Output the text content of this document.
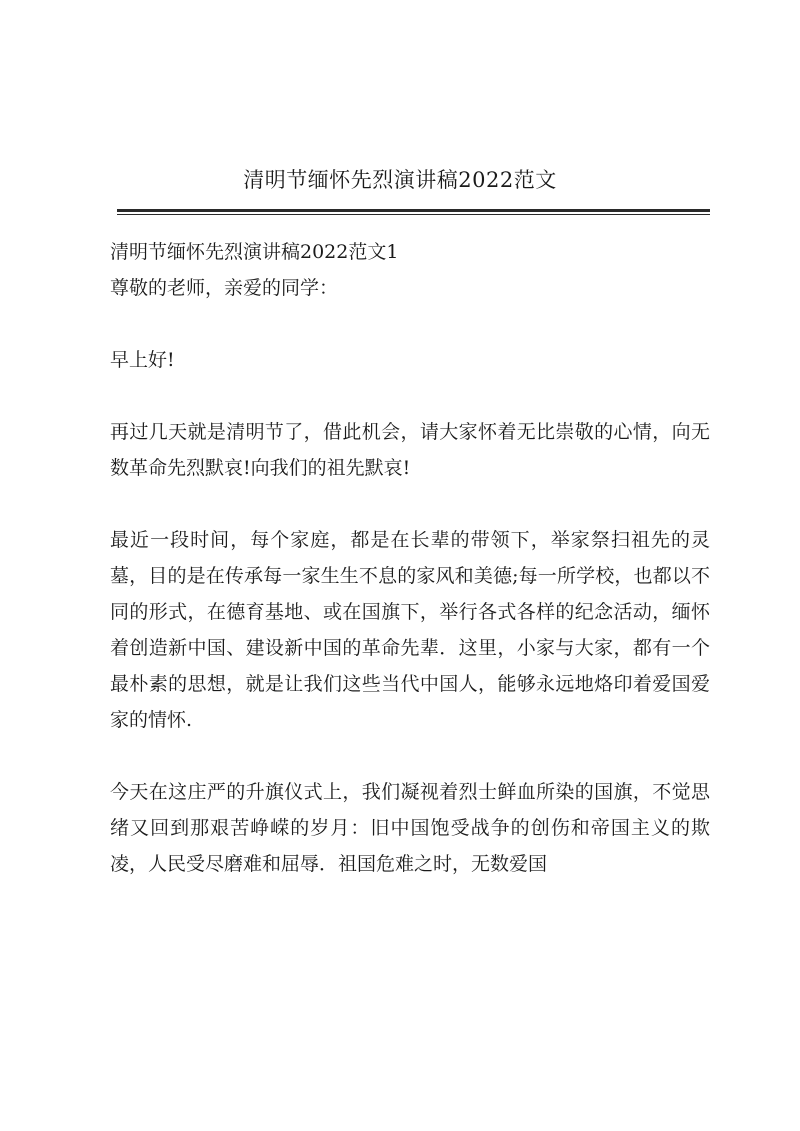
清明节缅怀先烈演讲稿2022范文

清明节缅怀先烈演讲稿2022范文1

尊敬的老师，亲爱的同学：

早上好!

再过几天就是清明节了，借此机会，请大家怀着无比崇敬的心情，向无数革命先烈默哀!向我们的祖先默哀!

最近一段时间，每个家庭，都是在长辈的带领下，举家祭扫祖先的灵墓，目的是在传承每一家生生不息的家风和美德;每一所学校，也都以不同的形式，在德育基地、或在国旗下，举行各式各样的纪念活动，缅怀着创造新中国、建设新中国的革命先辈．这里，小家与大家，都有一个最朴素的思想，就是让我们这些当代中国人，能够永远地烙印着爱国爱家的情怀.

今天在这庄严的升旗仪式上，我们凝视着烈士鲜血所染的国旗，不觉思绪又回到那艰苦峥嵘的岁月：旧中国饱受战争的创伤和帝国主义的欺凌，人民受尽磨难和屈辱．祖国危难之时，无数爱国
